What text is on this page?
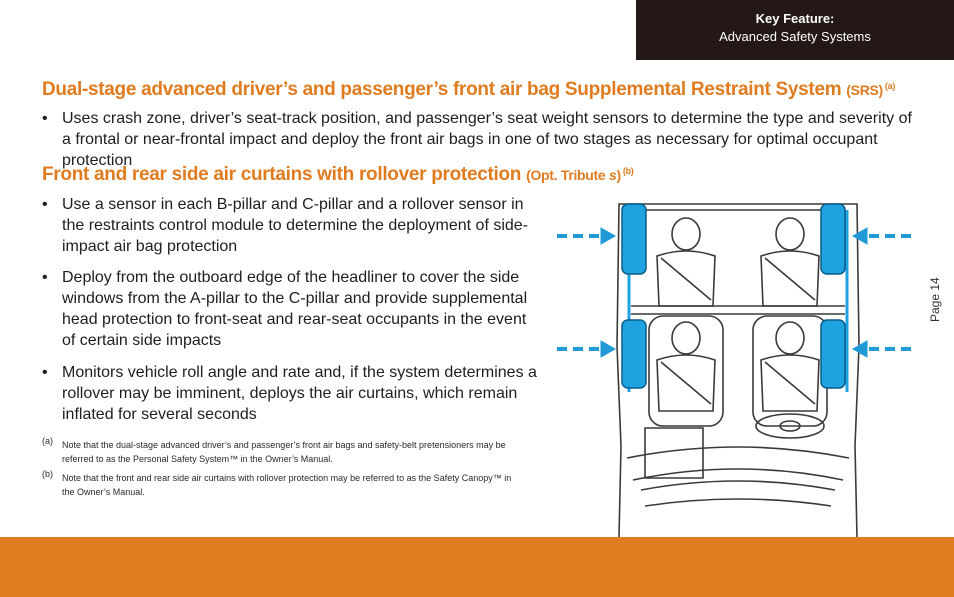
Key Feature:
Advanced Safety Systems
Dual-stage advanced driver’s and passenger’s front air bag Supplemental Restraint System (SRS) $^{(a)}$
• Uses crash zone, driver’s seat-track position, and passenger’s seat weight sensors to determine the type and severity of a frontal or near-frontal impact and deploy the front air bags in one of two stages as necessary for optimal occupant protection
Front and rear side air curtains with rollover protection (Opt. Tribute s) $^{(b)}$
• Use a sensor in each B-pillar and C-pillar and a rollover sensor in the restraints control module to determine the deployment of side-impact air bag protection
• Deploy from the outboard edge of the headliner to cover the side windows from the A-pillar to the C-pillar and provide supplemental head protection to front-seat and rear-seat occupants in the event of certain side impacts
• Monitors vehicle roll angle and rate and, if the system determines a rollover may be imminent, deploys the air curtains, which remain inflated for several seconds
(a) Note that the dual-stage advanced driver’s and passenger’s front air bags and safety-belt pretensioners may be referred to as the Personal Safety System™ in the Owner’s Manual.
(b) Note that the front and rear side air curtains with rollover protection may be referred to as the Safety Canopy™ in the Owner’s Manual.
Page 14
